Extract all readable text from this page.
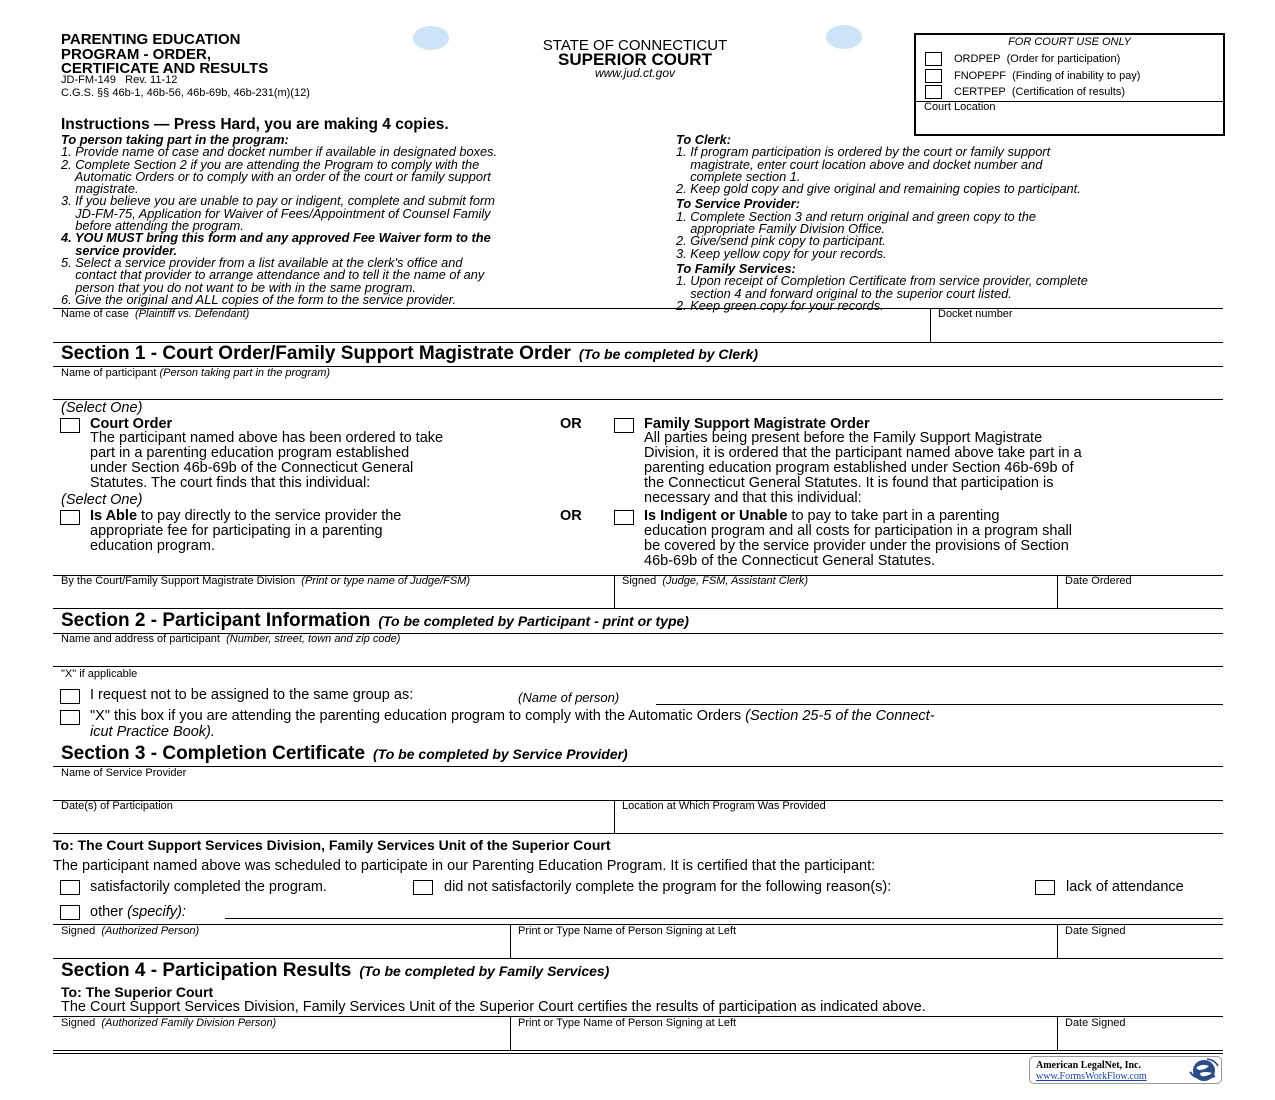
PARENTING EDUCATION
PROGRAM - ORDER,
CERTIFICATE AND RESULTS
JD-FM-149   Rev. 11-12
C.G.S. §§ 46b-1, 46b-56, 46b-69b, 46b-231(m)(12)
STATE OF CONNECTICUT
SUPERIOR COURT
www.jud.ct.gov
FOR COURT USE ONLY
ORDPEP (Order for participation)
FNOPEPF (Finding of inability to pay)
CERTPEP (Certification of results)
Court Location
Instructions — Press Hard, you are making 4 copies.
To person taking part in the program:
1. Provide name of case and docket number if available in designated boxes.
2. Complete Section 2 if you are attending the Program to comply with the
Automatic Orders or to comply with an order of the court or family support
magistrate.
3. If you believe you are unable to pay or indigent, complete and submit form
JD-FM-75, Application for Waiver of Fees/Appointment of Counsel Family
before attending the program.
4. YOU MUST bring this form and any approved Fee Waiver form to the
service provider.
5. Select a service provider from a list available at the clerk's office and
contact that provider to arrange attendance and to tell it the name of any
person that you do not want to be with in the same program.
6. Give the original and ALL copies of the form to the service provider.
To Clerk:
1. If program participation is ordered by the court or family support
magistrate, enter court location above and docket number and
complete section 1.
2. Keep gold copy and give original and remaining copies to participant.
To Service Provider:
1. Complete Section 3 and return original and green copy to the
appropriate Family Division Office.
2. Give/send pink copy to participant.
3. Keep yellow copy for your records.
To Family Services:
1. Upon receipt of Completion Certificate from service provider, complete
section 4 and forward original to the superior court listed.
2. Keep green copy for your records.
Name of case (Plaintiff vs. Defendant)	Docket number
Section 1 - Court Order/Family Support Magistrate Order (To be completed by Clerk)
Name of participant (Person taking part in the program)
(Select One)
Court Order
The participant named above has been ordered to take
part in a parenting education program established
under Section 46b-69b of the Connecticut General
Statutes. The court finds that this individual:
OR	Family Support Magistrate Order
All parties being present before the Family Support Magistrate
Division, it is ordered that the participant named above take part in a
parenting education program established under Section 46b-69b of
the Connecticut General Statutes. It is found that participation is
necessary and that this individual:
(Select One)
Is Able to pay directly to the service provider the
appropriate fee for participating in a parenting
education program.
OR	Is Indigent or Unable to pay to take part in a parenting
education program and all costs for participation in a program shall
be covered by the service provider under the provisions of Section
46b-69b of the Connecticut General Statutes.
By the Court/Family Support Magistrate Division (Print or type name of Judge/FSM)	Signed (Judge, FSM, Assistant Clerk)	Date Ordered
Section 2 - Participant Information (To be completed by Participant - print or type)
Name and address of participant (Number, street, town and zip code)
"X" if applicable
I request not to be assigned to the same group as:	(Name of person)
"X" this box if you are attending the parenting education program to comply with the Automatic Orders (Section 25-5 of the Connect-
icut Practice Book).
Section 3 - Completion Certificate (To be completed by Service Provider)
Name of Service Provider
Date(s) of Participation	Location at Which Program Was Provided
To: The Court Support Services Division, Family Services Unit of the Superior Court
The participant named above was scheduled to participate in our Parenting Education Program. It is certified that the participant:
satisfactorily completed the program.	did not satisfactorily complete the program for the following reason(s):	lack of attendance
other (specify):
Signed (Authorized Person)	Print or Type Name of Person Signing at Left	Date Signed
Section 4 - Participation Results (To be completed by Family Services)
To: The Superior Court
The Court Support Services Division, Family Services Unit of the Superior Court certifies the results of participation as indicated above.
Signed (Authorized Family Division Person)	Print or Type Name of Person Signing at Left	Date Signed
American LegalNet, Inc.
www.FormsWorkFlow.com
